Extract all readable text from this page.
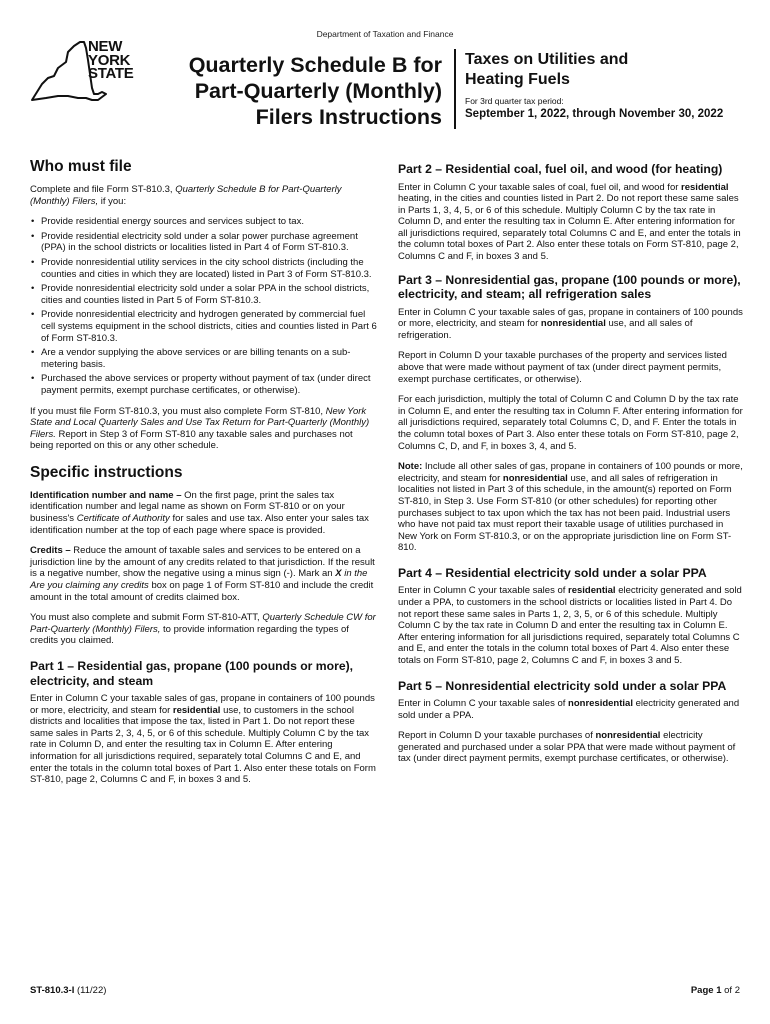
Department of Taxation and Finance
NEW
YORK
STATE	Quarterly Schedule B for
Part-Quarterly (Monthly)
Filers Instructions
Taxes on Utilities and
Heating Fuels
For 3rd quarter tax period:
September 1, 2022, through November 30, 2022
Who must file

Complete and file Form ST-810.3, Quarterly Schedule B for Part-Quarterly (Monthly) Filers, if you:

• Provide residential energy sources and services subject to tax.
• Provide residential electricity sold under a solar power purchase agreement (PPA) in the school districts or localities listed in Part 4 of Form ST-810.3.
• Provide nonresidential utility services in the city school districts (including the counties and cities in which they are located) listed in Part 3 of Form ST-810.3.
• Provide nonresidential electricity sold under a solar PPA in the school districts, cities and counties listed in Part 5 of Form ST-810.3.
• Provide nonresidential electricity and hydrogen generated by commercial fuel cell systems equipment in the school districts, cities and counties listed in Part 6 of Form ST-810.3.
• Are a vendor supplying the above services or are billing tenants on a sub-metering basis.
• Purchased the above services or property without payment of tax (under direct payment permits, exempt purchase certificates, or otherwise).

If you must file Form ST-810.3, you must also complete Form ST-810, New York State and Local Quarterly Sales and Use Tax Return for Part-Quarterly (Monthly) Filers. Report in Step 3 of Form ST-810 any taxable sales and purchases not being reported on this or any other schedule.

Specific instructions

Identification number and name – On the first page, print the sales tax identification number and legal name as shown on Form ST-810 or on your business's Certificate of Authority for sales and use tax. Also enter your sales tax identification number at the top of each page where space is provided.

Credits – Reduce the amount of taxable sales and services to be entered on a jurisdiction line by the amount of any credits related to that jurisdiction. If the result is a negative number, show the negative using a minus sign (-). Mark an X in the Are you claiming any credits box on page 1 of Form ST-810 and include the credit amount in the total amount of credits claimed box.

You must also complete and submit Form ST-810-ATT, Quarterly Schedule CW for Part-Quarterly (Monthly) Filers, to provide information regarding the types of credits you claimed.

Part 1 – Residential gas, propane (100 pounds or more), electricity, and steam

Enter in Column C your taxable sales of gas, propane in containers of 100 pounds or more, electricity, and steam for residential use, to customers in the school districts and localities that impose the tax, listed in Part 1. Do not report these same sales in Parts 2, 3, 4, 5, or 6 of this schedule. Multiply Column C by the tax rate in Column D, and enter the resulting tax in Column E. After entering information for all jurisdictions required, separately total Columns C and E, and enter the totals in the column total boxes of Part 1. Also enter these totals on Form ST-810, page 2, Columns C and F, in boxes 3 and 5.

Part 2 – Residential coal, fuel oil, and wood (for heating)

Enter in Column C your taxable sales of coal, fuel oil, and wood for residential heating, in the cities and counties listed in Part 2. Do not report these same sales in Parts 1, 3, 4, 5, or 6 of this schedule. Multiply Column C by the tax rate in Column D, and enter the resulting tax in Column E. After entering information for all jurisdictions required, separately total Columns C and E, and enter the totals in the column total boxes of Part 2. Also enter these totals on Form ST-810, page 2, Columns C and F, in boxes 3 and 5.

Part 3 – Nonresidential gas, propane (100 pounds or more), electricity, and steam; all refrigeration sales

Enter in Column C your taxable sales of gas, propane in containers of 100 pounds or more, electricity, and steam for nonresidential use, and all sales of refrigeration.

Report in Column D your taxable purchases of the property and services listed above that were made without payment of tax (under direct payment permits, exempt purchase certificates, or otherwise).

For each jurisdiction, multiply the total of Column C and Column D by the tax rate in Column E, and enter the resulting tax in Column F. After entering information for all jurisdictions required, separately total Columns C, D, and F. Enter the totals in the column total boxes of Part 3. Also enter these totals on Form ST-810, page 2, Columns C, D, and F, in boxes 3, 4, and 5.

Note: Include all other sales of gas, propane in containers of 100 pounds or more, electricity, and steam for nonresidential use, and all sales of refrigeration in localities not listed in Part 3 of this schedule, in the amount(s) reported on Form ST-810, in Step 3. Use Form ST-810 (or other schedules) for reporting other purchases subject to tax upon which the tax has not been paid. Industrial users who have not paid tax must report their taxable usage of utilities purchased in New York on Form ST-810.3, or on the appropriate jurisdiction line on Form ST-810.

Part 4 – Residential electricity sold under a solar PPA

Enter in Column C your taxable sales of residential electricity generated and sold under a PPA, to customers in the school districts or localities listed in Part 4. Do not report these same sales in Parts 1, 2, 3, 5, or 6 of this schedule. Multiply Column C by the tax rate in Column D and enter the resulting tax in Column E. After entering information for all jurisdictions required, separately total Columns C and E, and enter the totals in the column total boxes of Part 4. Also enter these totals on Form ST-810, page 2, Columns C and F, in boxes 3 and 5.

Part 5 – Nonresidential electricity sold under a solar PPA

Enter in Column C your taxable sales of nonresidential electricity generated and sold under a PPA.

Report in Column D your taxable purchases of nonresidential electricity generated and purchased under a solar PPA that were made without payment of tax (under direct payment permits, exempt purchase certificates, or otherwise).

ST-810.3-I (11/22)	Page 1 of 2
